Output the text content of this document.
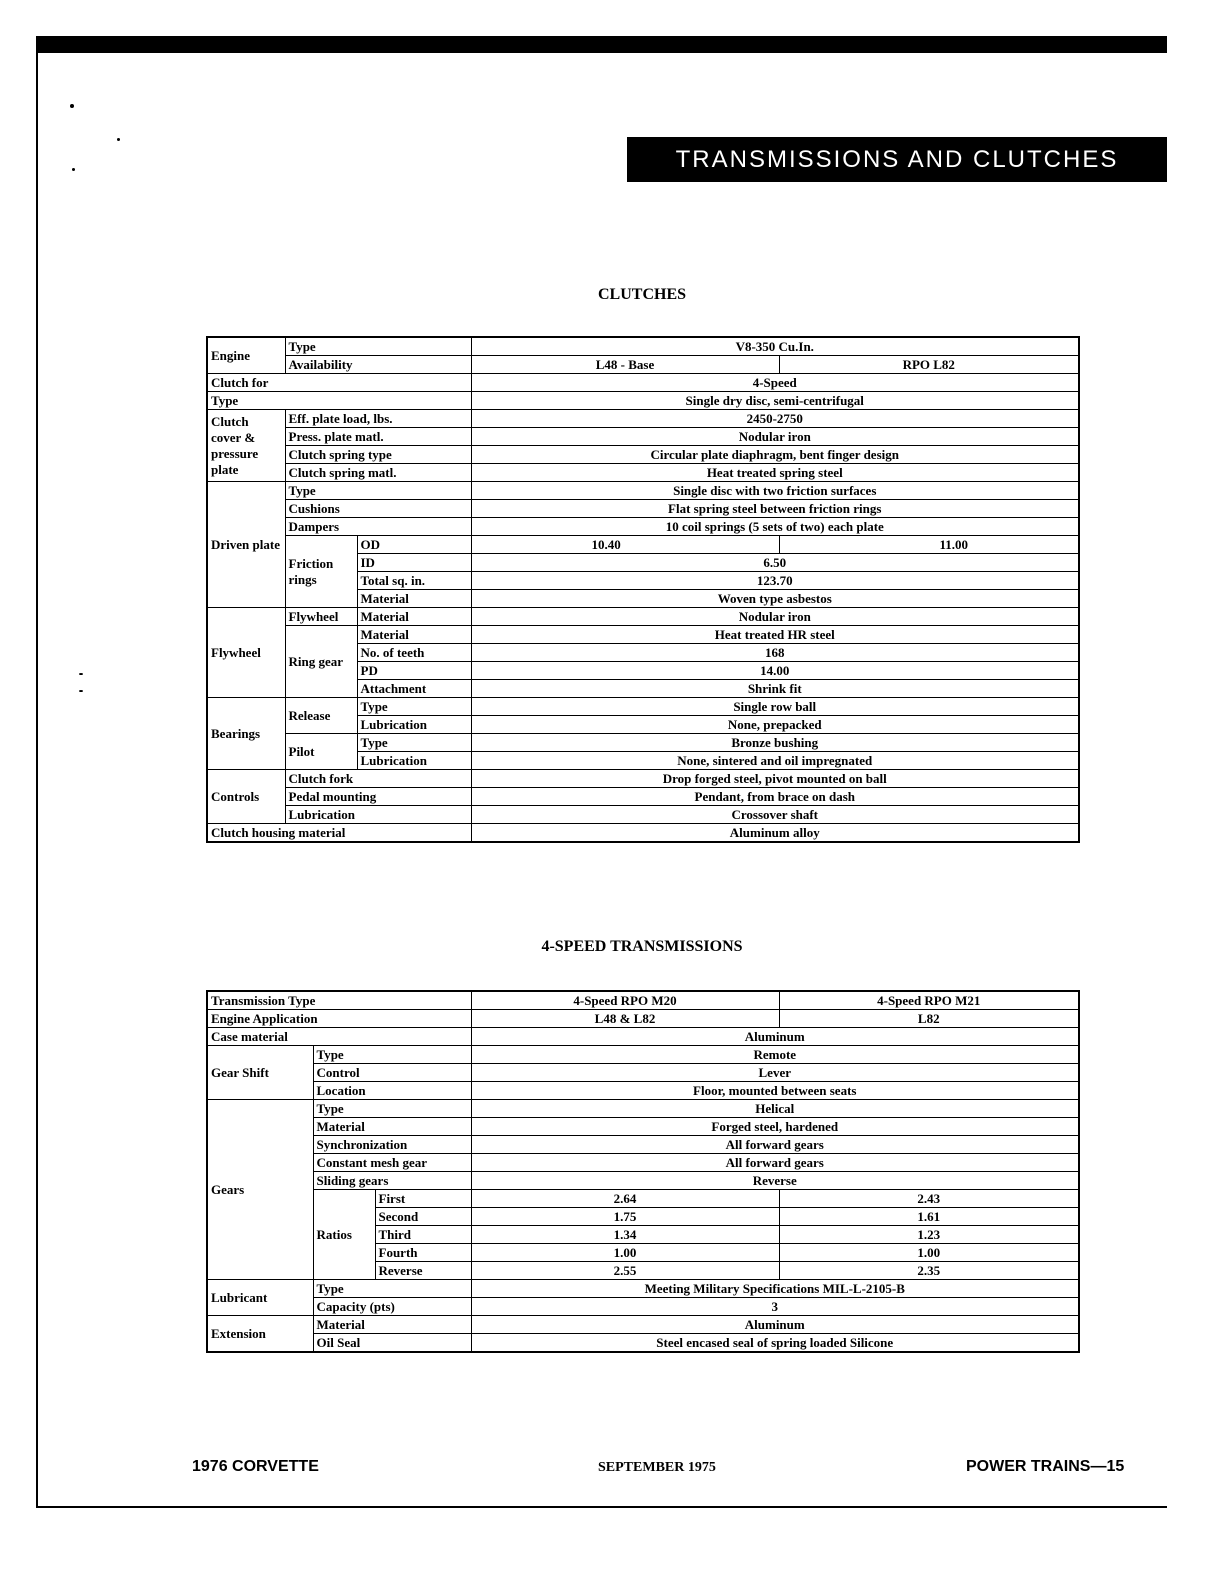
TRANSMISSIONS AND CLUTCHES
CLUTCHES
Engine	Type		V8-350 Cu.In.	
	Availability		L48 - Base	RPO L82
Clutch for			4-Speed	
Type			Single dry disc, semi-centrifugal	
Clutch cover & pressure plate	Eff. plate load, lbs.		2450-2750	
	Press. plate matl.		Nodular iron	
	Clutch spring type		Circular plate diaphragm, bent finger design	
	Clutch spring matl.		Heat treated spring steel	
Driven plate	Type		Single disc with two friction surfaces	
	Cushions		Flat spring steel between friction rings	
	Dampers		10 coil springs (5 sets of two) each plate	
	Friction rings	OD	10.40	11.00
		ID	6.50	
		Total sq. in.	123.70	

		Material	Woven type asbestos	
Flywheel	Flywheel	Material	Nodular iron	
	Ring gear	Material	Heat treated HR steel	
		No. of teeth	168	
		PD	14.00	
		Attachment	Shrink fit	
Bearings	Release	Type	Single row ball	
		Lubrication	None, prepacked	
	Pilot	Type	Bronze bushing	
		Lubrication	None, sintered and oil impregnated	
Controls	Clutch fork		Drop forged steel, pivot mounted on ball	
	Pedal mounting		Pendant, from brace on dash	
	Lubrication		Crossover shaft	
Clutch housing material			Aluminum alloy	
4-SPEED TRANSMISSIONS
Transmission Type			4-Speed RPO M20	4-Speed RPO M21
Engine Application			L48 & L82	L82
Case material			Aluminum	
Gear Shift	Type		Remote	
	Control		Lever	
	Location		Floor, mounted between seats	
Gears	Type		Helical	
	Material		Forged steel, hardened	
	Synchronization		All forward gears	
	Constant mesh gear		All forward gears	
	Sliding gears		Reverse	
	Ratios	First	2.64	2.43
		Second	1.75	1.61
		Third	1.34	1.23
		Fourth	1.00	1.00
		Reverse	2.55	2.35
Lubricant	Type		Meeting Military Specifications MIL-L-2105-B	
	Capacity (pts)		3	
Extension	Material		Aluminum	
	Oil Seal		Steel encased seal of spring loaded Silicone	
1976 CORVETTE	SEPTEMBER 1975	POWER TRAINS—15
